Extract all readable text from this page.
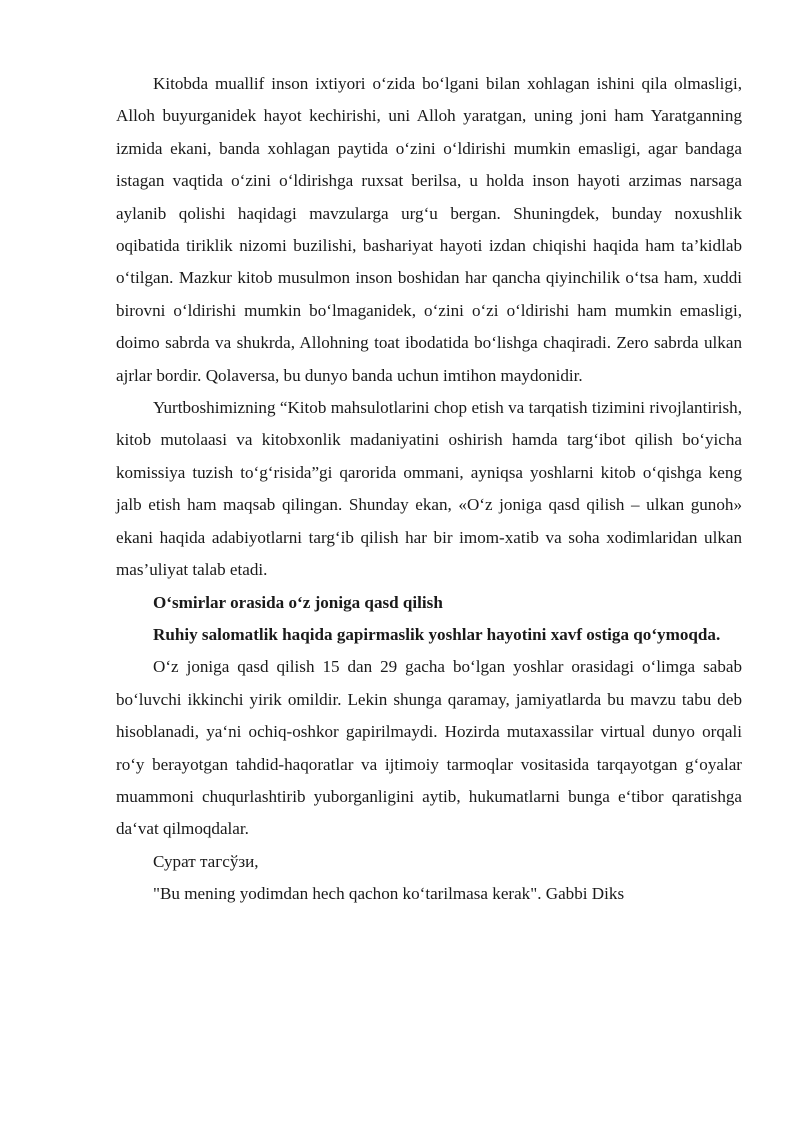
Kitobda muallif inson ixtiyori o‘zida bo‘lgani bilan xohlagan ishini qila olmasligi, Alloh buyurganidek hayot kechirishi, uni Alloh yaratgan, uning joni ham Yaratganning izmida ekani, banda xohlagan paytida o‘zini o‘ldirishi mumkin emasligi, agar bandaga istagan vaqtida o‘zini o‘ldirishga ruxsat berilsa, u holda inson hayoti arzimas narsaga aylanib qolishi haqidagi mavzularga urg‘u bergan. Shuningdek, bunday noxushlik oqibatida tiriklik nizomi buzilishi, bashariyat hayoti izdan chiqishi haqida ham ta’kidlab o‘tilgan. Mazkur kitob musulmon inson boshidan har qancha qiyinchilik o‘tsa ham, xuddi birovni o‘ldirishi mumkin bo‘lmaganidek, o‘zini o‘zi o‘ldirishi ham mumkin emasligi, doimo sabrda va shukrda, Allohning toat ibodatida bo‘lishga chaqiradi. Zero sabrda ulkan ajrlar bordir. Qolaversa, bu dunyo banda uchun imtihon maydonidir.

Yurtboshimizning “Kitob mahsulotlarini chop etish va tarqatish tizimini rivojlantirish, kitob mutolaasi va kitobxonlik madaniyatini oshirish hamda targ‘ibot qilish bo‘yicha komissiya tuzish to‘g‘risida”gi qarorida ommani, ayniqsa yoshlarni kitob o‘qishga keng jalb etish ham maqsab qilingan. Shunday ekan, «O‘z joniga qasd qilish – ulkan gunoh» ekani haqida adabiyotlarni targ‘ib qilish har bir imom-xatib va soha xodimlaridan ulkan mas’uliyat talab etadi.

O‘smirlar orasida o‘z joniga qasd qilish

Ruhiy salomatlik haqida gapirmaslik yoshlar hayotini xavf ostiga qo‘ymoqda.

O‘z joniga qasd qilish 15 dan 29 gacha bo‘lgan yoshlar orasidagi o‘limga sabab bo‘luvchi ikkinchi yirik omildir. Lekin shunga qaramay, jamiyatlarda bu mavzu tabu deb hisoblanadi, ya‘ni ochiq-oshkor gapirilmaydi. Hozirda mutaxassilar virtual dunyo orqali ro‘y berayotgan tahdid-haqoratlar va ijtimoiy tarmoqlar vositasida tarqayotgan g‘oyalar muammoni chuqurlashtirib yuborganligini aytib, hukumatlarni bunga e‘tibor qaratishga da‘vat qilmoqdalar.

Сурат тагсўзи,

"Bu mening yodimdan hech qachon ko‘tarilmasa kerak". Gabbi Diks
